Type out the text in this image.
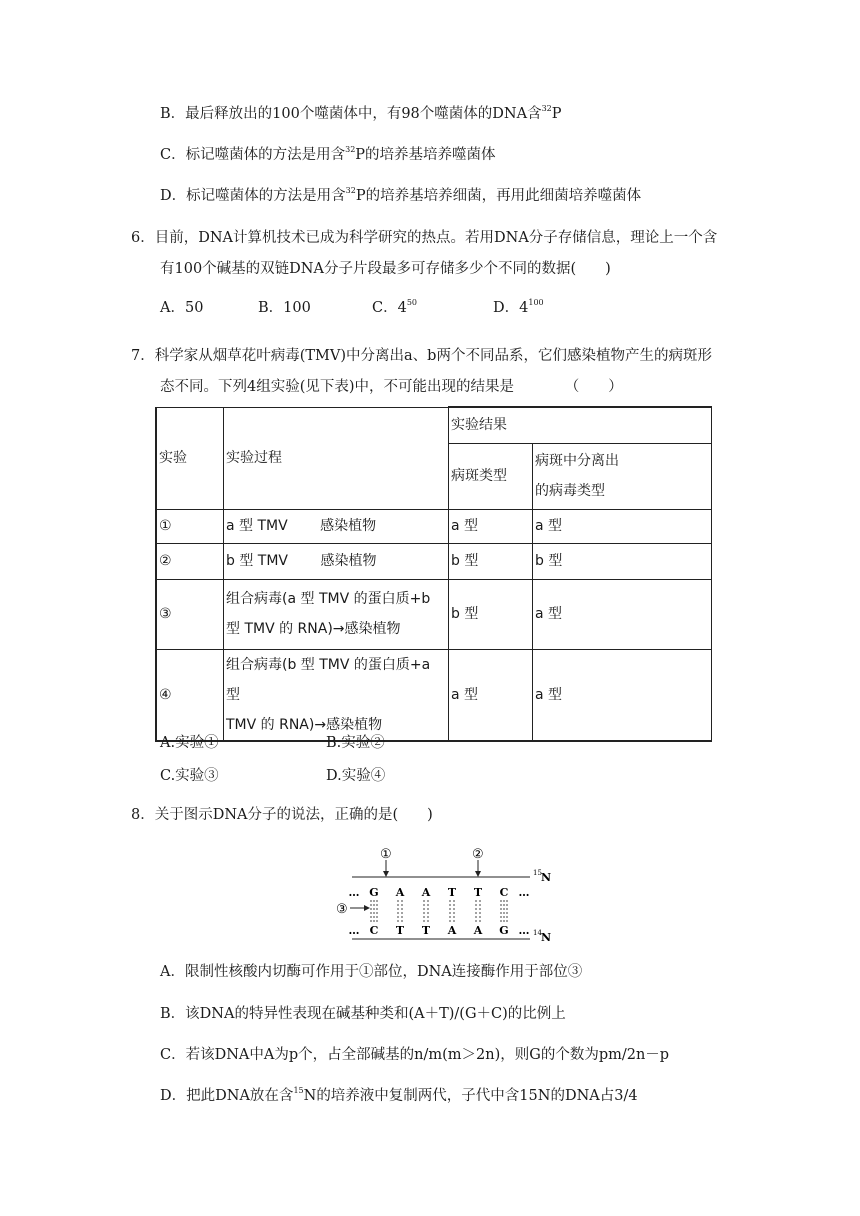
B．最后释放出的100个噬菌体中，有98个噬菌体的DNA含$^{32}$P
C．标记噬菌体的方法是用含$^{32}$P的培养基培养噬菌体
D．标记噬菌体的方法是用含$^{32}$P的培养基培养细菌，再用此细菌培养噬菌体
6．目前，DNA计算机技术已成为科学研究的热点。若用DNA分子存储信息，理论上一个含
有100个碱基的双链DNA分子片段最多可存储多少个不同的数据(　　)
A．50	B．100	C．$4^{50}$	D．$4^{100}$
7．科学家从烟草花叶病毒(TMV)中分离出a、b两个不同品系，它们感染植物产生的病斑形
态不同。下列4组实验(见下表)中，不可能出现的结果是　　　　（　　）
实验	实验过程	实验结果	
		病斑类型	病斑中分离出
的病毒类型
①	a 型 TMV　　 感染植物	a 型	a 型
②	b 型 TMV　　 感染植物	b 型	b 型
③	组合病毒(a 型 TMV 的蛋白质+b
型 TMV 的 RNA)→感染植物	b 型	a 型
④	组合病毒(b 型 TMV 的蛋白质+a 型
TMV 的 RNA)→感染植物	a 型	a 型
A.实验①	B.实验②
C.实验③	D.实验④
8．关于图示DNA分子的说法，正确的是(　　)
15 N
14 N
①	②
③
… G A A T T C …
… C T T A A G …
A．限制性核酸内切酶可作用于①部位，DNA连接酶作用于部位③
B．该DNA的特异性表现在碱基种类和(A＋T)/(G＋C)的比例上
C．若该DNA中A为p个，占全部碱基的n/m(m＞2n)，则G的个数为pm/2n－p
D．把此DNA放在含$^{15}$N的培养液中复制两代，子代中含15N的DNA占3/4
